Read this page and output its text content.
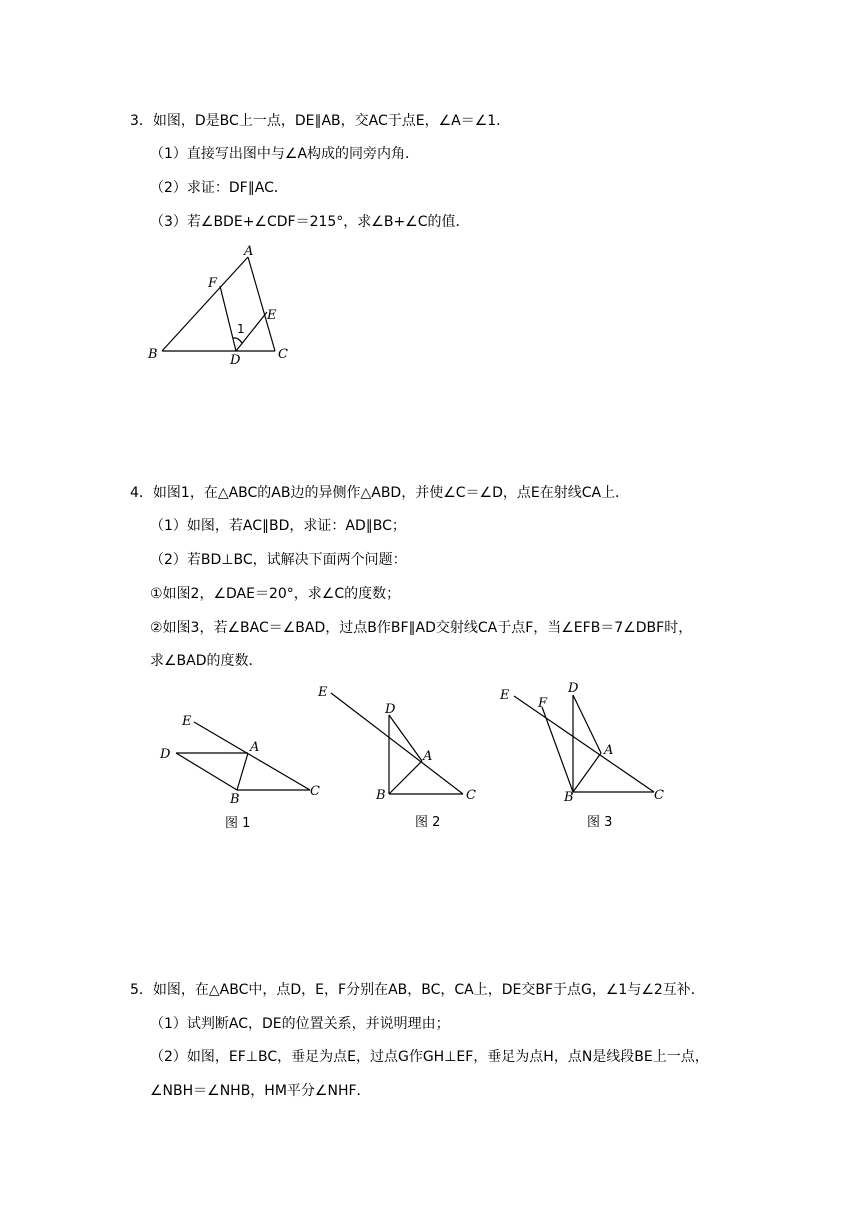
3．如图，D是BC上一点，DE∥AB，交AC于点E，∠A＝∠1．
（1）直接写出图中与∠A构成的同旁内角．
（2）求证：DF∥AC．
（3）若∠BDE+∠CDF＝215°，求∠B+∠C的值．
A
F
E
1
B	D	C
4．如图1，在△ABC的AB边的异侧作△ABD，并使∠C＝∠D，点E在射线CA上．
（1）如图，若AC∥BD，求证：AD∥BC；
（2）若BD⊥BC，试解决下面两个问题：
①如图2，∠DAE＝20°，求∠C的度数；
②如图3，若∠BAC＝∠BAD，过点B作BF∥AD交射线CA于点F，当∠EFB＝7∠DBF时，
求∠BAD的度数．
E
D	A
B
C
图 1
E
D
A
B	C
图 2
E
F
D
A
B	C
图 3
5．如图，在△ABC中，点D，E，F分别在AB，BC，CA上，DE交BF于点G，∠1与∠2互补．
（1）试判断AC，DE的位置关系，并说明理由；
（2）如图，EF⊥BC，垂足为点E，过点G作GH⊥EF，垂足为点H，点N是线段BE上一点，
∠NBH＝∠NHB，HM平分∠NHF．
